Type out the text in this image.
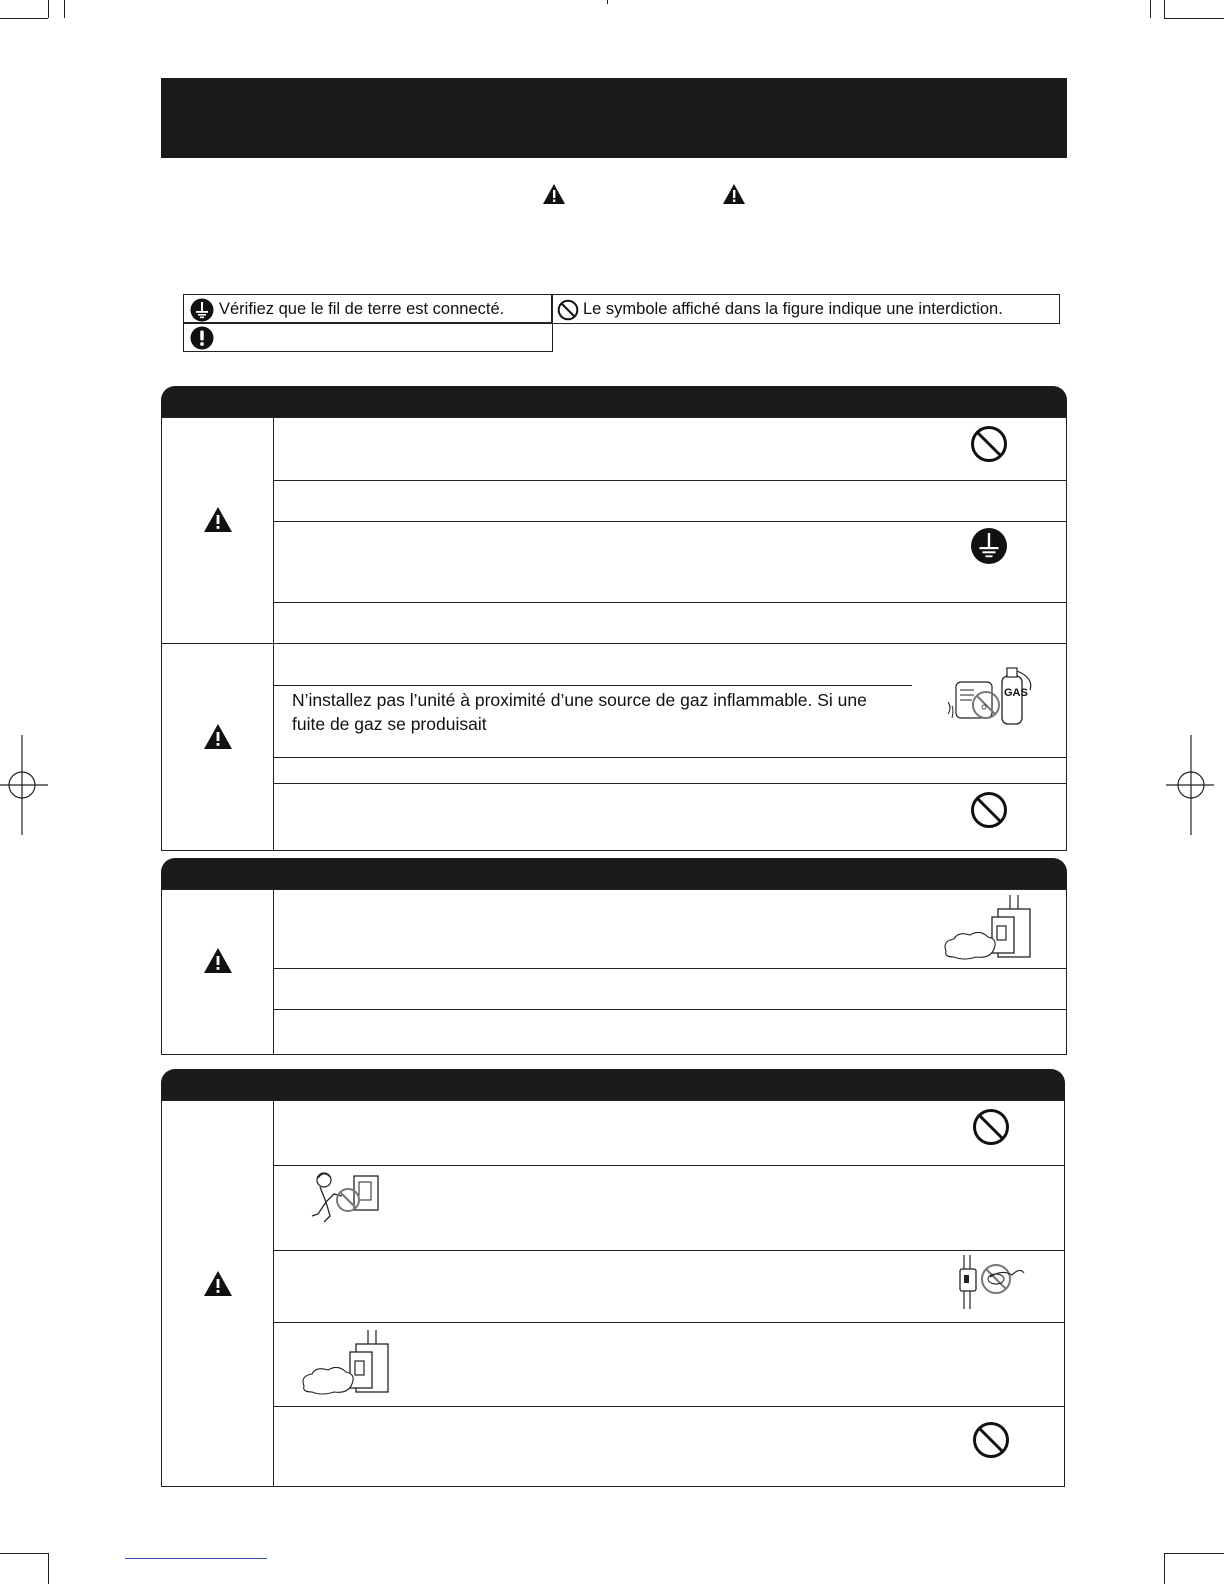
Vérifiez que le fil de terre est connecté.	Le symbole affiché dans la figure indique une interdiction.
N’installez pas l’unité à proximité d’une source de gaz inflammable. Si une fuite de gaz se produisait
GAS
